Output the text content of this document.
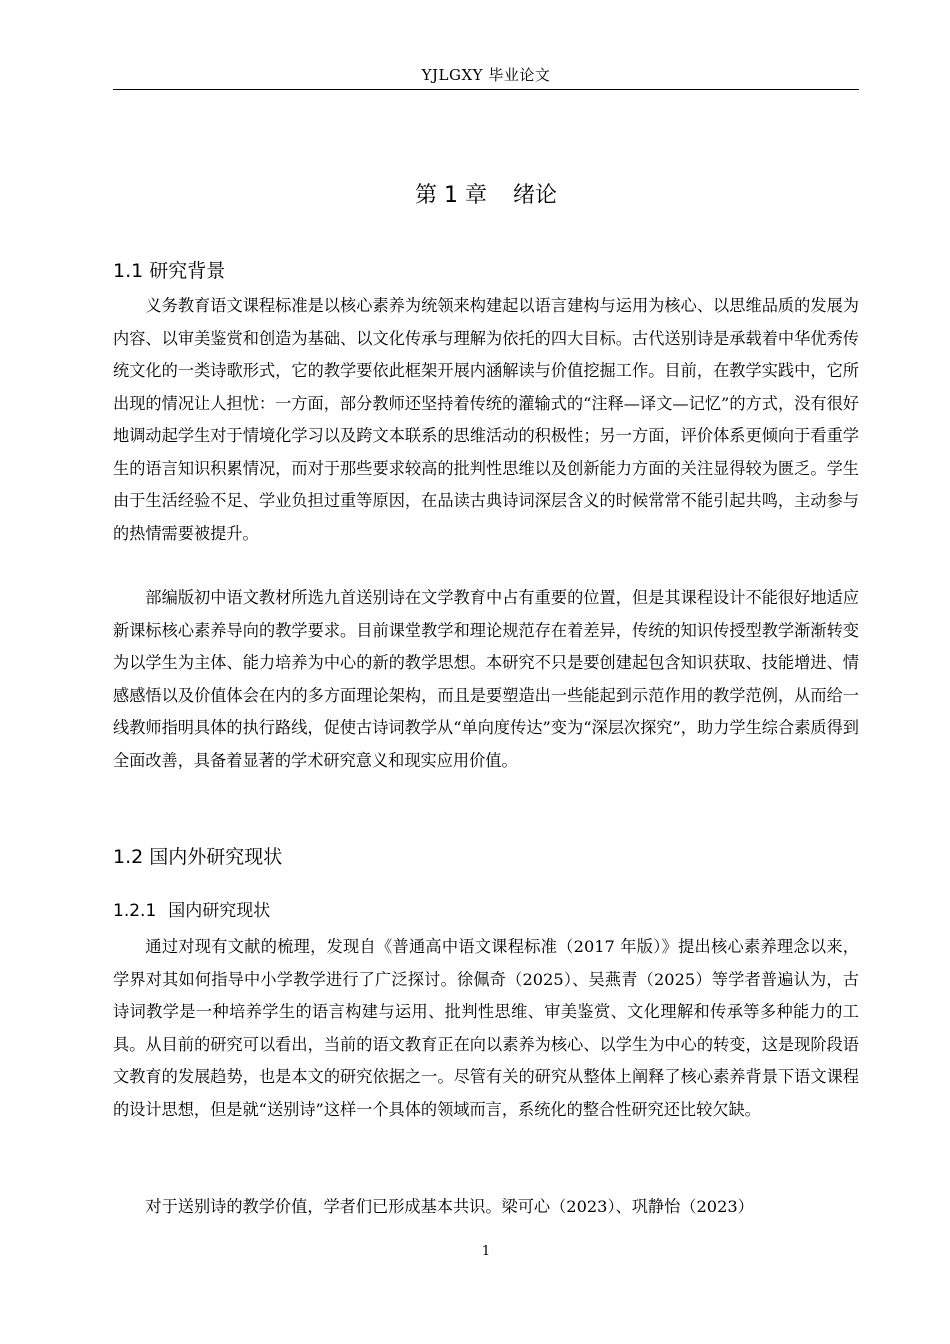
YJLGXY 毕业论文
第 1 章 绪论
1.1 研究背景

义务教育语文课程标准是以核心素养为统领来构建起以语言建构与运用为核心、以思维品质的发展为内容、以审美鉴赏和创造为基础、以文化传承与理解为依托的四大目标。古代送别诗是承载着中华优秀传统文化的一类诗歌形式，它的教学要依此框架开展内涵解读与价值挖掘工作。目前，在教学实践中，它所出现的情况让人担忧：一方面，部分教师还坚持着传统的灌输式的“注释—译文—记忆”的方式，没有很好地调动起学生对于情境化学习以及跨文本联系的思维活动的积极性；另一方面，评价体系更倾向于看重学生的语言知识积累情况，而对于那些要求较高的批判性思维以及创新能力方面的关注显得较为匮乏。学生由于生活经验不足、学业负担过重等原因，在品读古典诗词深层含义的时候常常不能引起共鸣，主动参与的热情需要被提升。

部编版初中语文教材所选九首送别诗在文学教育中占有重要的位置，但是其课程设计不能很好地适应新课标核心素养导向的教学要求。目前课堂教学和理论规范存在着差异，传统的知识传授型教学渐渐转变为以学生为主体、能力培养为中心的新的教学思想。本研究不只是要创建起包含知识获取、技能增进、情感感悟以及价值体会在内的多方面理论架构，而且是要塑造出一些能起到示范作用的教学范例，从而给一线教师指明具体的执行路线，促使古诗词教学从“单向度传达”变为“深层次探究”，助力学生综合素质得到全面改善，具备着显著的学术研究意义和现实应用价值。

1.2 国内外研究现状
1.2.1 国内研究现状

通过对现有文献的梳理，发现自《普通高中语文课程标准（2017 年版）》提出核心素养理念以来，学界对其如何指导中小学教学进行了广泛探讨。徐佩奇（2025）、吴燕青（2025）等学者普遍认为，古诗词教学是一种培养学生的语言构建与运用、批判性思维、审美鉴赏、文化理解和传承等多种能力的工具。从目前的研究可以看出，当前的语文教育正在向以素养为核心、以学生为中心的转变，这是现阶段语文教育的发展趋势，也是本文的研究依据之一。尽管有关的研究从整体上阐释了核心素养背景下语文课程的设计思想，但是就“送别诗”这样一个具体的领域而言，系统化的整合性研究还比较欠缺。

对于送别诗的教学价值，学者们已形成基本共识。梁可心（2023）、巩静怡（2023）

1
